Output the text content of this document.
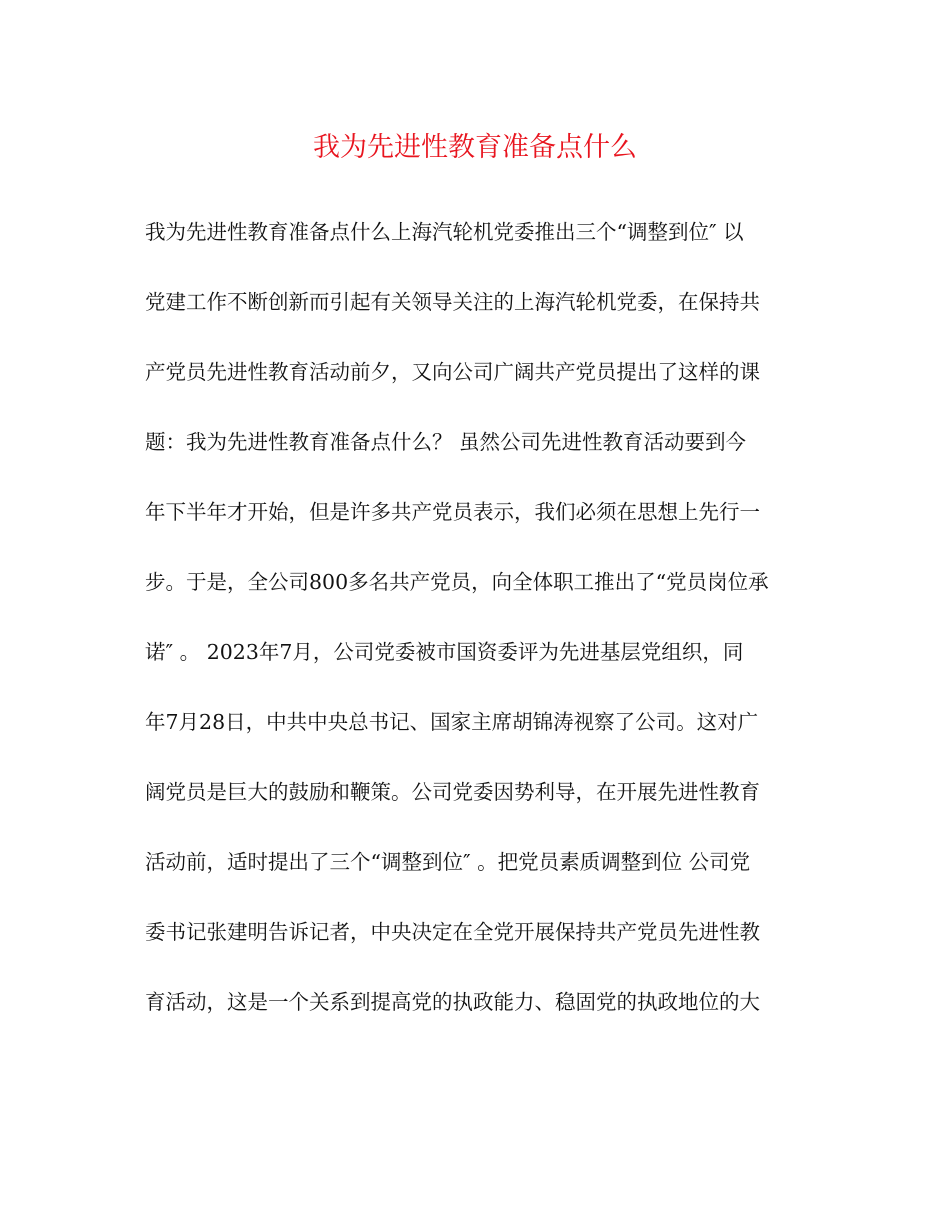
我为先进性教育准备点什么
我为先进性教育准备点什么上海汽轮机党委推出三个“调整到位″ 以
党建工作不断创新而引起有关领导关注的上海汽轮机党委，在保持共
产党员先进性教育活动前夕，又向公司广阔共产党员提出了这样的课
题：我为先进性教育准备点什么？ 虽然公司先进性教育活动要到今
年下半年才开始，但是许多共产党员表示，我们必须在思想上先行一
步。于是，全公司800多名共产党员，向全体职工推出了“党员岗位承
诺″ 。 2023年7月，公司党委被市国资委评为先进基层党组织，同
年7月28日，中共中央总书记、国家主席胡锦涛视察了公司。这对广
阔党员是巨大的鼓励和鞭策。公司党委因势利导，在开展先进性教育
活动前，适时提出了三个“调整到位″ 。把党员素质调整到位 公司党
委书记张建明告诉记者，中央决定在全党开展保持共产党员先进性教
育活动，这是一个关系到提高党的执政能力、稳固党的执政地位的大
